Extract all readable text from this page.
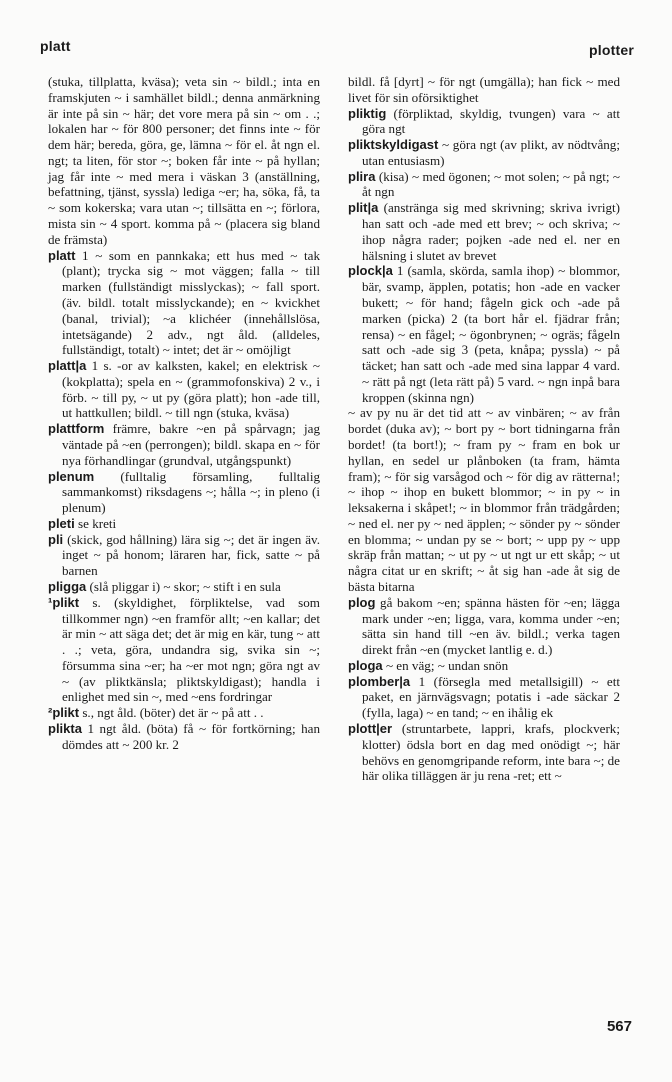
platt	plotter

(stuka, tillplatta, kväsa); veta sin ~ bildl.; inta en framskjuten ~ i samhället bildl.; denna anmärkning är inte på sin ~ här; det vore mera på sin ~ om . .; lokalen har ~ för 800 personer; det finns inte ~ för dem här; bereda, göra, ge, lämna ~ för el. åt ngn el. ngt; ta liten, för stor ~; boken får inte ~ på hyllan; jag får inte ~ med mera i väskan 3 (anställning, befattning, tjänst, syssla) lediga ~er; ha, söka, få, ta ~ som kokerska; vara utan ~; tillsätta en ~; förlora, mista sin ~ 4 sport. komma på ~ (placera sig bland de främsta)

platt 1 ~ som en pannkaka; ett hus med ~ tak (plant); trycka sig ~ mot väggen; falla ~ till marken (fullständigt misslyckas); ~ fall sport. (äv. bildl. totalt misslyckande); en ~ kvickhet (banal, trivial); ~a klichéer (innehållslösa, intetsägande) 2 adv., ngt åld. (alldeles, fullständigt, totalt) ~ intet; det är ~ omöjligt

platt|a 1 s. -or av kalksten, kakel; en elektrisk ~ (kokplatta); spela en ~ (grammofonskiva) 2 v., i förb. ~ till ру, ~ ut ру (göra platt); hon -ade till, ut hattkullen; bildl. ~ till ngn (stuka, kväsa)

plattform främre, bakre ~en på spårvagn; jag väntade på ~en (perrongen); bildl. skapa en ~ för nya förhandlingar (grundval, utgångspunkt)

plenum (fulltalig församling, fulltalig sammankomst) riksdagens ~; hålla ~; in pleno (i plenum)

pleti se kreti

pli (skick, god hållning) lära sig ~; det är ingen äv. inget ~ på honom; läraren har, fick, satte ~ på barnen

pligga (slå pliggar i) ~ skor; ~ stift i en sula

¹plikt s. (skyldighet, förpliktelse, vad som tillkommer ngn) ~en framför allt; ~en kallar; det är min ~ att säga det; det är mig en kär, tung ~ att . .; veta, göra, undandra sig, svika sin ~; försumma sina ~er; ha ~er mot ngn; göra ngt av ~ (av pliktkänsla; pliktskyldigast); handla i enlighet med sin ~, med ~ens fordringar

²plikt s., ngt åld. (böter) det är ~ på att . .

plikta 1 ngt åld. (böta) få ~ för fortkörning; han dömdes att ~ 200 kr. 2

bildl. få [dyrt] ~ för ngt (umgälla); han fick ~ med livet för sin oförsiktighet

pliktig (förpliktad, skyldig, tvungen) vara ~ att göra ngt

pliktskyldigast ~ göra ngt (av plikt, av nödtvång; utan entusiasm)

plira (kisa) ~ med ögonen; ~ mot solen; ~ på ngt; ~ åt ngn

plit|a (anstränga sig med skrivning; skriva ivrigt) han satt och -ade med ett brev; ~ och skriva; ~ ihop några rader; pojken -ade ned el. ner en hälsning i slutet av brevet

plock|a 1 (samla, skörda, samla ihop) ~ blommor, bär, svamp, äpplen, potatis; hon -ade en vacker bukett; ~ för hand; fågeln gick och -ade på marken (picka) 2 (ta bort hår el. fjädrar från; rensa) ~ en fågel; ~ ögonbrynen; ~ ogräs; fågeln satt och -ade sig 3 (peta, knåpa; pyssla) ~ på täcket; han satt och -ade med sina lappar 4 vard. ~ rätt på ngt (leta rätt på) 5 vard. ~ ngn inpå bara kroppen (skinna ngn)

~ av ру nu är det tid att ~ av vinbären; ~ av från bordet (duka av); ~ bort ру ~ bort tidningarna från bordet! (ta bort!); ~ fram ру ~ fram en bok ur hyllan, en sedel ur plånboken (ta fram, hämta fram); ~ för sig varsågod och ~ för dig av rätterna!; ~ ihop ~ ihop en bukett blommor; ~ in ру ~ in leksakerna i skåpet!; ~ in blommor från trädgården; ~ ned el. ner ру ~ ned äpplen; ~ sönder ру ~ sönder en blomma; ~ undan ру se ~ bort; ~ upp ру ~ upp skräp från mattan; ~ ut ру ~ ut ngt ur ett skåp; ~ ut några citat ur en skrift; ~ åt sig han -ade åt sig de bästa bitarna

plog gå bakom ~en; spänna hästen för ~en; lägga mark under ~en; ligga, vara, komma under ~en; sätta sin hand till ~en äv. bildl.; verka tagen direkt från ~en (mycket lantlig e. d.)

ploga ~ en väg; ~ undan snön

plomber|a 1 (försegla med metallsigill) ~ ett paket, en järnvägsvagn; potatis i -ade säckar 2 (fylla, laga) ~ en tand; ~ en ihålig ek

plott|er (struntarbete, lappri, krafs, plockverk; klotter) ödsla bort en dag med onödigt ~; här behövs en genomgripande reform, inte bara ~; de här olika tilläggen är ju rena -ret; ett ~

567
